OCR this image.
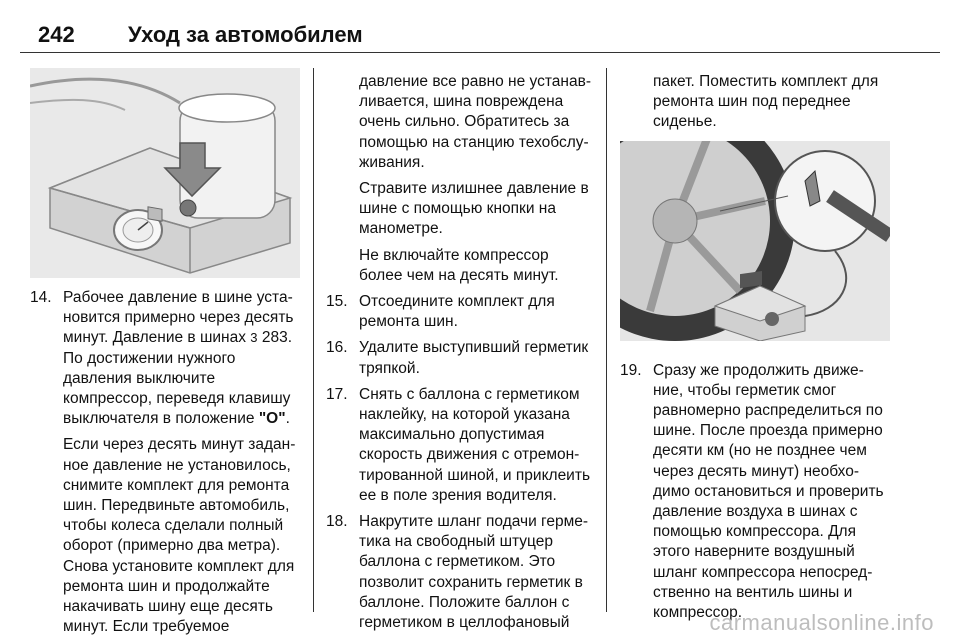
242 Уход за автомобилем
14. Рабочее давление в шине уста-новится примерно через десять минут. Давление в шинах 3 283. По достижении нужного давления выключите компрессор, переведя клавишу выключателя в положение "O".
Если через десять минут задан-ное давление не установилось, снимите комплект для ремонта шин. Передвиньте автомобиль, чтобы колеса сделали полный оборот (примерно два метра). Снова установите комплект для ремонта шин и продолжайте накачивать шину еще десять минут. Если требуемое
давление все равно не устанав-ливается, шина повреждена очень сильно. Обратитесь за помощью на станцию техобслу-живания.
Стравите излишнее давление в шине с помощью кнопки на манометре.
Не включайте компрессор более чем на десять минут.
15. Отсоедините комплект для ремонта шин.
16. Удалите выступивший герметик тряпкой.
17. Снять с баллона с герметиком наклейку, на которой указана максимально допустимая скорость движения с отремон-тированной шиной, и приклеить ее в поле зрения водителя.
18. Накрутите шланг подачи герме-тика на свободный штуцер баллона с герметиком. Это позволит сохранить герметик в баллоне. Положите баллон с герметиком в целлофановый
пакет. Поместить комплект для ремонта шин под переднее сиденье.
19. Сразу же продолжить движе-ние, чтобы герметик смог равномерно распределиться по шине. После проезда примерно десяти км (но не позднее чем через десять минут) необхо-димо остановиться и проверить давление воздуха в шинах с помощью компрессора. Для этого наверните воздушный шланг компрессора непосред-ственно на вентиль шины и компрессор.
carmanualsonline.info
